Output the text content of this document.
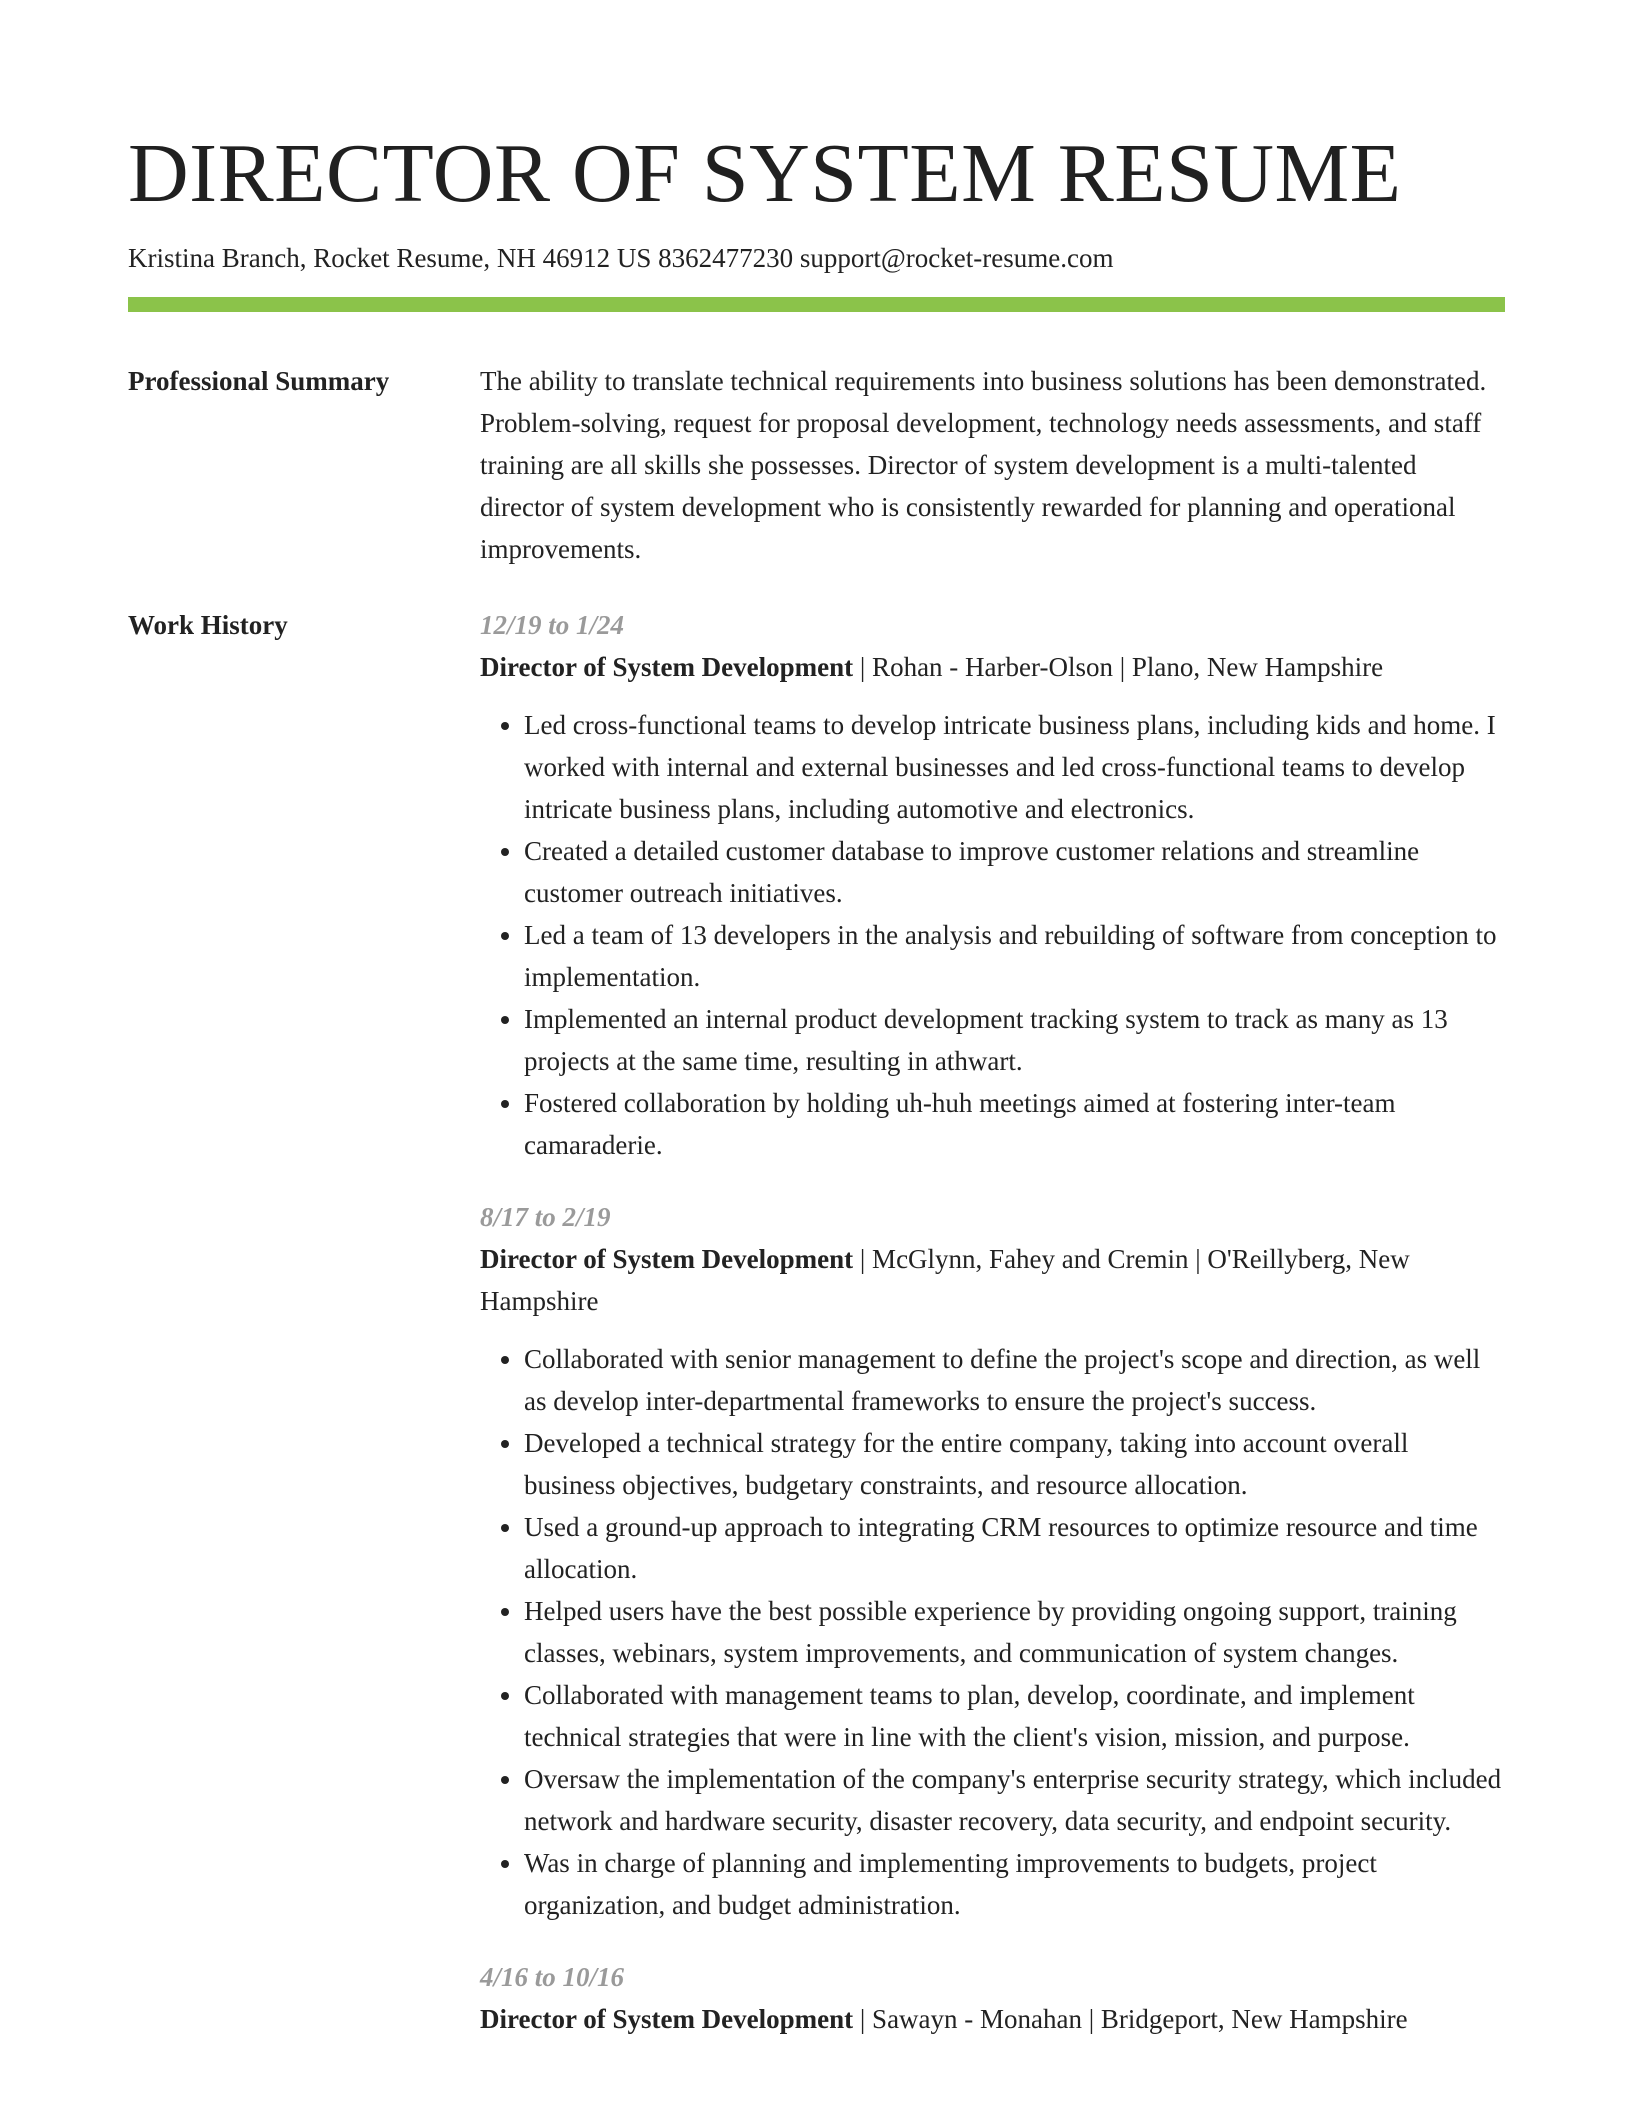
DIRECTOR OF SYSTEM RESUME
Kristina Branch, Rocket Resume, NH 46912 US 8362477230 support@rocket-resume.com
Professional Summary	The ability to translate technical requirements into business solutions has been demonstrated. Problem-solving, request for proposal development, technology needs assessments, and staff training are all skills she possesses. Director of system development is a multi-talented director of system development who is consistently rewarded for planning and operational improvements.
Work History	12/19 to 1/24
Director of System Development | Rohan - Harber-Olson | Plano, New Hampshire
• Led cross-functional teams to develop intricate business plans, including kids and home. I worked with internal and external businesses and led cross-functional teams to develop intricate business plans, including automotive and electronics.
• Created a detailed customer database to improve customer relations and streamline customer outreach initiatives.
• Led a team of 13 developers in the analysis and rebuilding of software from conception to implementation.
• Implemented an internal product development tracking system to track as many as 13 projects at the same time, resulting in athwart.
• Fostered collaboration by holding uh-huh meetings aimed at fostering inter-team camaraderie.
8/17 to 2/19
Director of System Development | McGlynn, Fahey and Cremin | O'Reillyberg, New Hampshire
• Collaborated with senior management to define the project's scope and direction, as well as develop inter-departmental frameworks to ensure the project's success.
• Developed a technical strategy for the entire company, taking into account overall business objectives, budgetary constraints, and resource allocation.
• Used a ground-up approach to integrating CRM resources to optimize resource and time allocation.
• Helped users have the best possible experience by providing ongoing support, training classes, webinars, system improvements, and communication of system changes.
• Collaborated with management teams to plan, develop, coordinate, and implement technical strategies that were in line with the client's vision, mission, and purpose.
• Oversaw the implementation of the company's enterprise security strategy, which included network and hardware security, disaster recovery, data security, and endpoint security.
• Was in charge of planning and implementing improvements to budgets, project organization, and budget administration.
4/16 to 10/16
Director of System Development | Sawayn - Monahan | Bridgeport, New Hampshire
